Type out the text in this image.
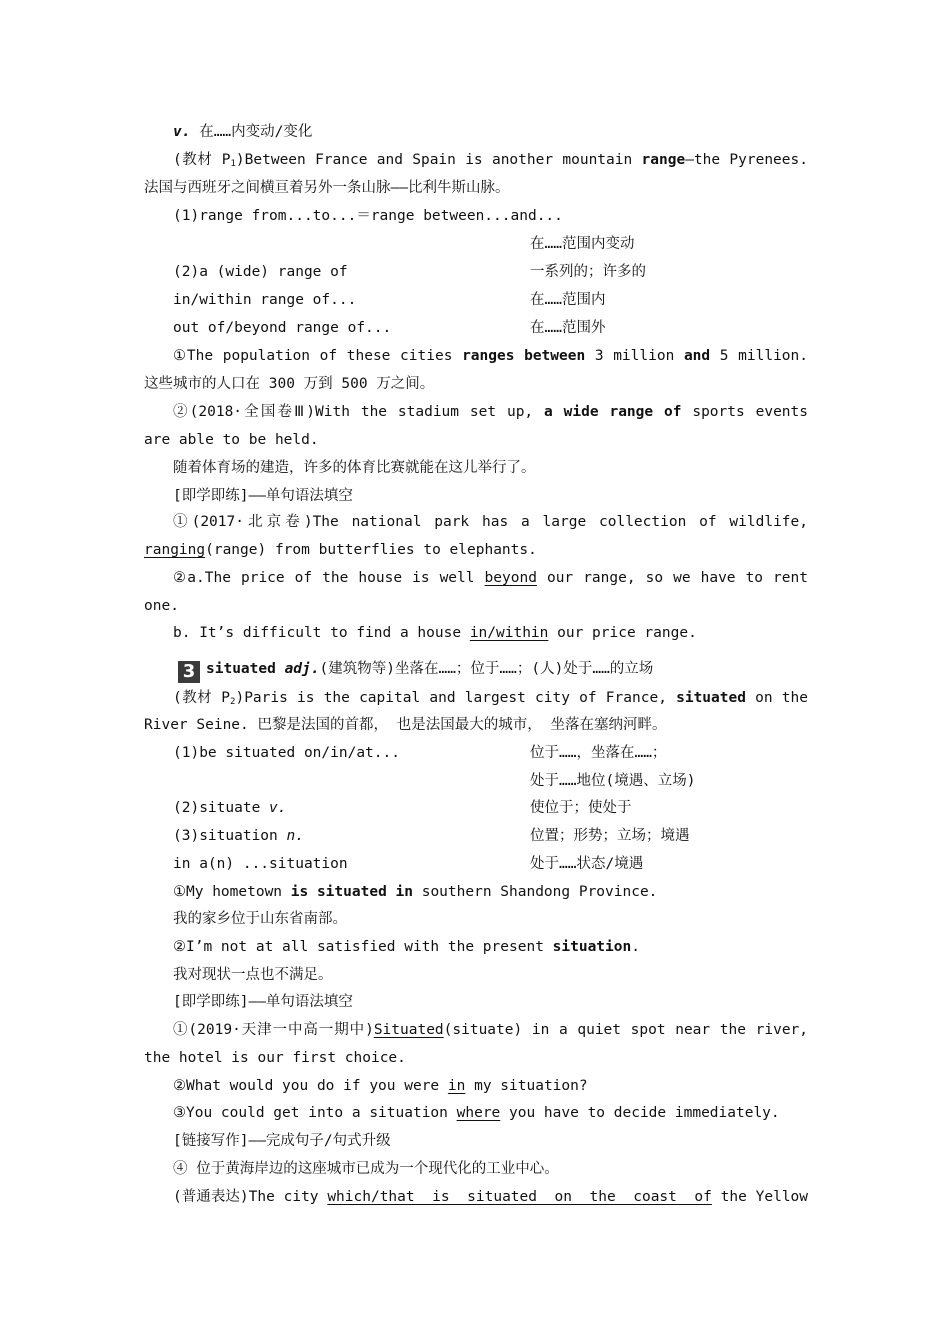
v. 在……内变动/变化
(教材 $P_1)Between$ France and Spain is another mountain range—the Pyrenees.
法国与西班牙之间横亘着另外一条山脉——比利牛斯山脉。
(1)range from...to...＝range between...and...
在……范围内变动
(2)a (wide) range of	一系列的；许多的
in/within range of...	在……范围内
out of/beyond range of...	在……范围外
①The population of these cities ranges between 3 million and 5 million.
这些城市的人口在 300 万到 500 万之间。
②(2018·全国卷Ⅲ)With the stadium set up, a wide range of sports events
are able to be held.
随着体育场的建造，许多的体育比赛就能在这儿举行了。
[即学即练]——单句语法填空
①(2017·北京卷)The national park has a large collection of wildlife,
ranging(range) from butterflies to elephants.
②a.The price of the house is well beyond our range, so we have to rent
one.
b. It’s difficult to find a house in/within our price range.
3 situated adj.(建筑物等)坐落在……；位于……；(人)处于……的立场
(教材 $P_2)Paris$ is the capital and largest city of France, situated on the
River Seine. 巴黎是法国的首都， 也是法国最大的城市， 坐落在塞纳河畔。
(1)be situated on/in/at...	位于……，坐落在……；
处于……地位(境遇、立场)
(2)situate v.	使位于；使处于
(3)situation n.	位置；形势；立场；境遇
in a(n) ...situation	处于……状态/境遇
①My hometown is situated in southern Shandong Province.
我的家乡位于山东省南部。
②I’m not at all satisfied with the present situation.
我对现状一点也不满足。
[即学即练]——单句语法填空
①(2019·天津一中高一期中)Situated(situate) in a quiet spot near the river,
the hotel is our first choice.
②What would you do if you were in my situation?
③You could get into a situation where you have to decide immediately.
[链接写作]——完成句子/句式升级
④ 位于黄海岸边的这座城市已成为一个现代化的工业中心。
(普通表达)The city which/that  is  situated  on  the  coast  of the Yellow
